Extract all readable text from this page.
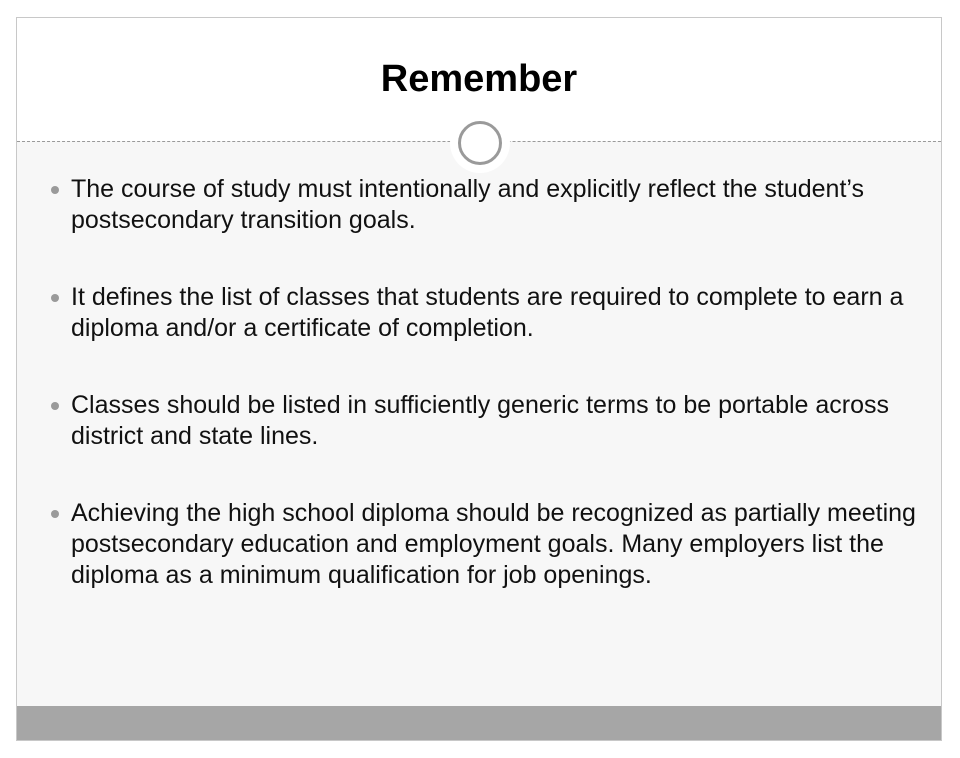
Remember
The course of study must intentionally and explicitly reflect the student’s postsecondary transition goals.
It defines the list of classes that students are required to complete to earn a diploma and/or a certificate of completion.
Classes should be listed in sufficiently generic terms to be portable across district and state lines.
Achieving the high school diploma should be recognized as partially meeting postsecondary education and employment goals. Many employers list the diploma as a minimum qualification for job openings.
